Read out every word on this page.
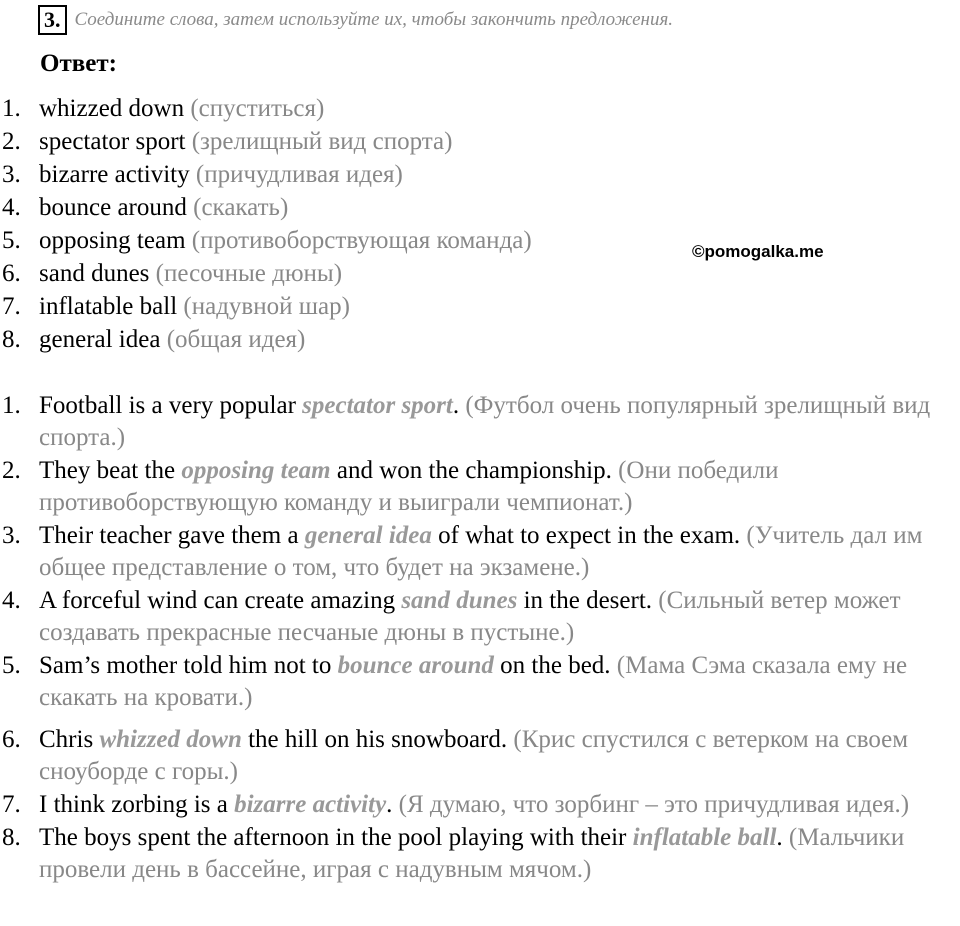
3. Соедините слова, затем используйте их, чтобы закончить предложения.
Ответ:
©pomogalka.me
1. whizzed down (спуститься)
2. spectator sport (зрелищный вид спорта)
3. bizarre activity (причудливая идея)
4. bounce around (скакать)
5. opposing team (противоборствующая команда)
6. sand dunes (песочные дюны)
7. inflatable ball (надувной шар)
8. general idea (общая идея)
1. Football is a very popular spectator sport. (Футбол очень популярный зрелищный вид спорта.)
2. They beat the opposing team and won the championship. (Они победили противоборствующую команду и выиграли чемпионат.)
3. Their teacher gave them a general idea of what to expect in the exam. (Учитель дал им общее представление о том, что будет на экзамене.)
4. A forceful wind can create amazing sand dunes in the desert. (Сильный ветер может создавать прекрасные песчаные дюны в пустыне.)
5. Sam’s mother told him not to bounce around on the bed. (Мама Сэма сказала ему не скакать на кровати.)
6. Chris whizzed down the hill on his snowboard. (Крис спустился с ветерком на своем сноуборде с горы.)
7. I think zorbing is a bizarre activity. (Я думаю, что зорбинг – это причудливая идея.)
8. The boys spent the afternoon in the pool playing with their inflatable ball. (Мальчики провели день в бассейне, играя с надувным мячом.)
